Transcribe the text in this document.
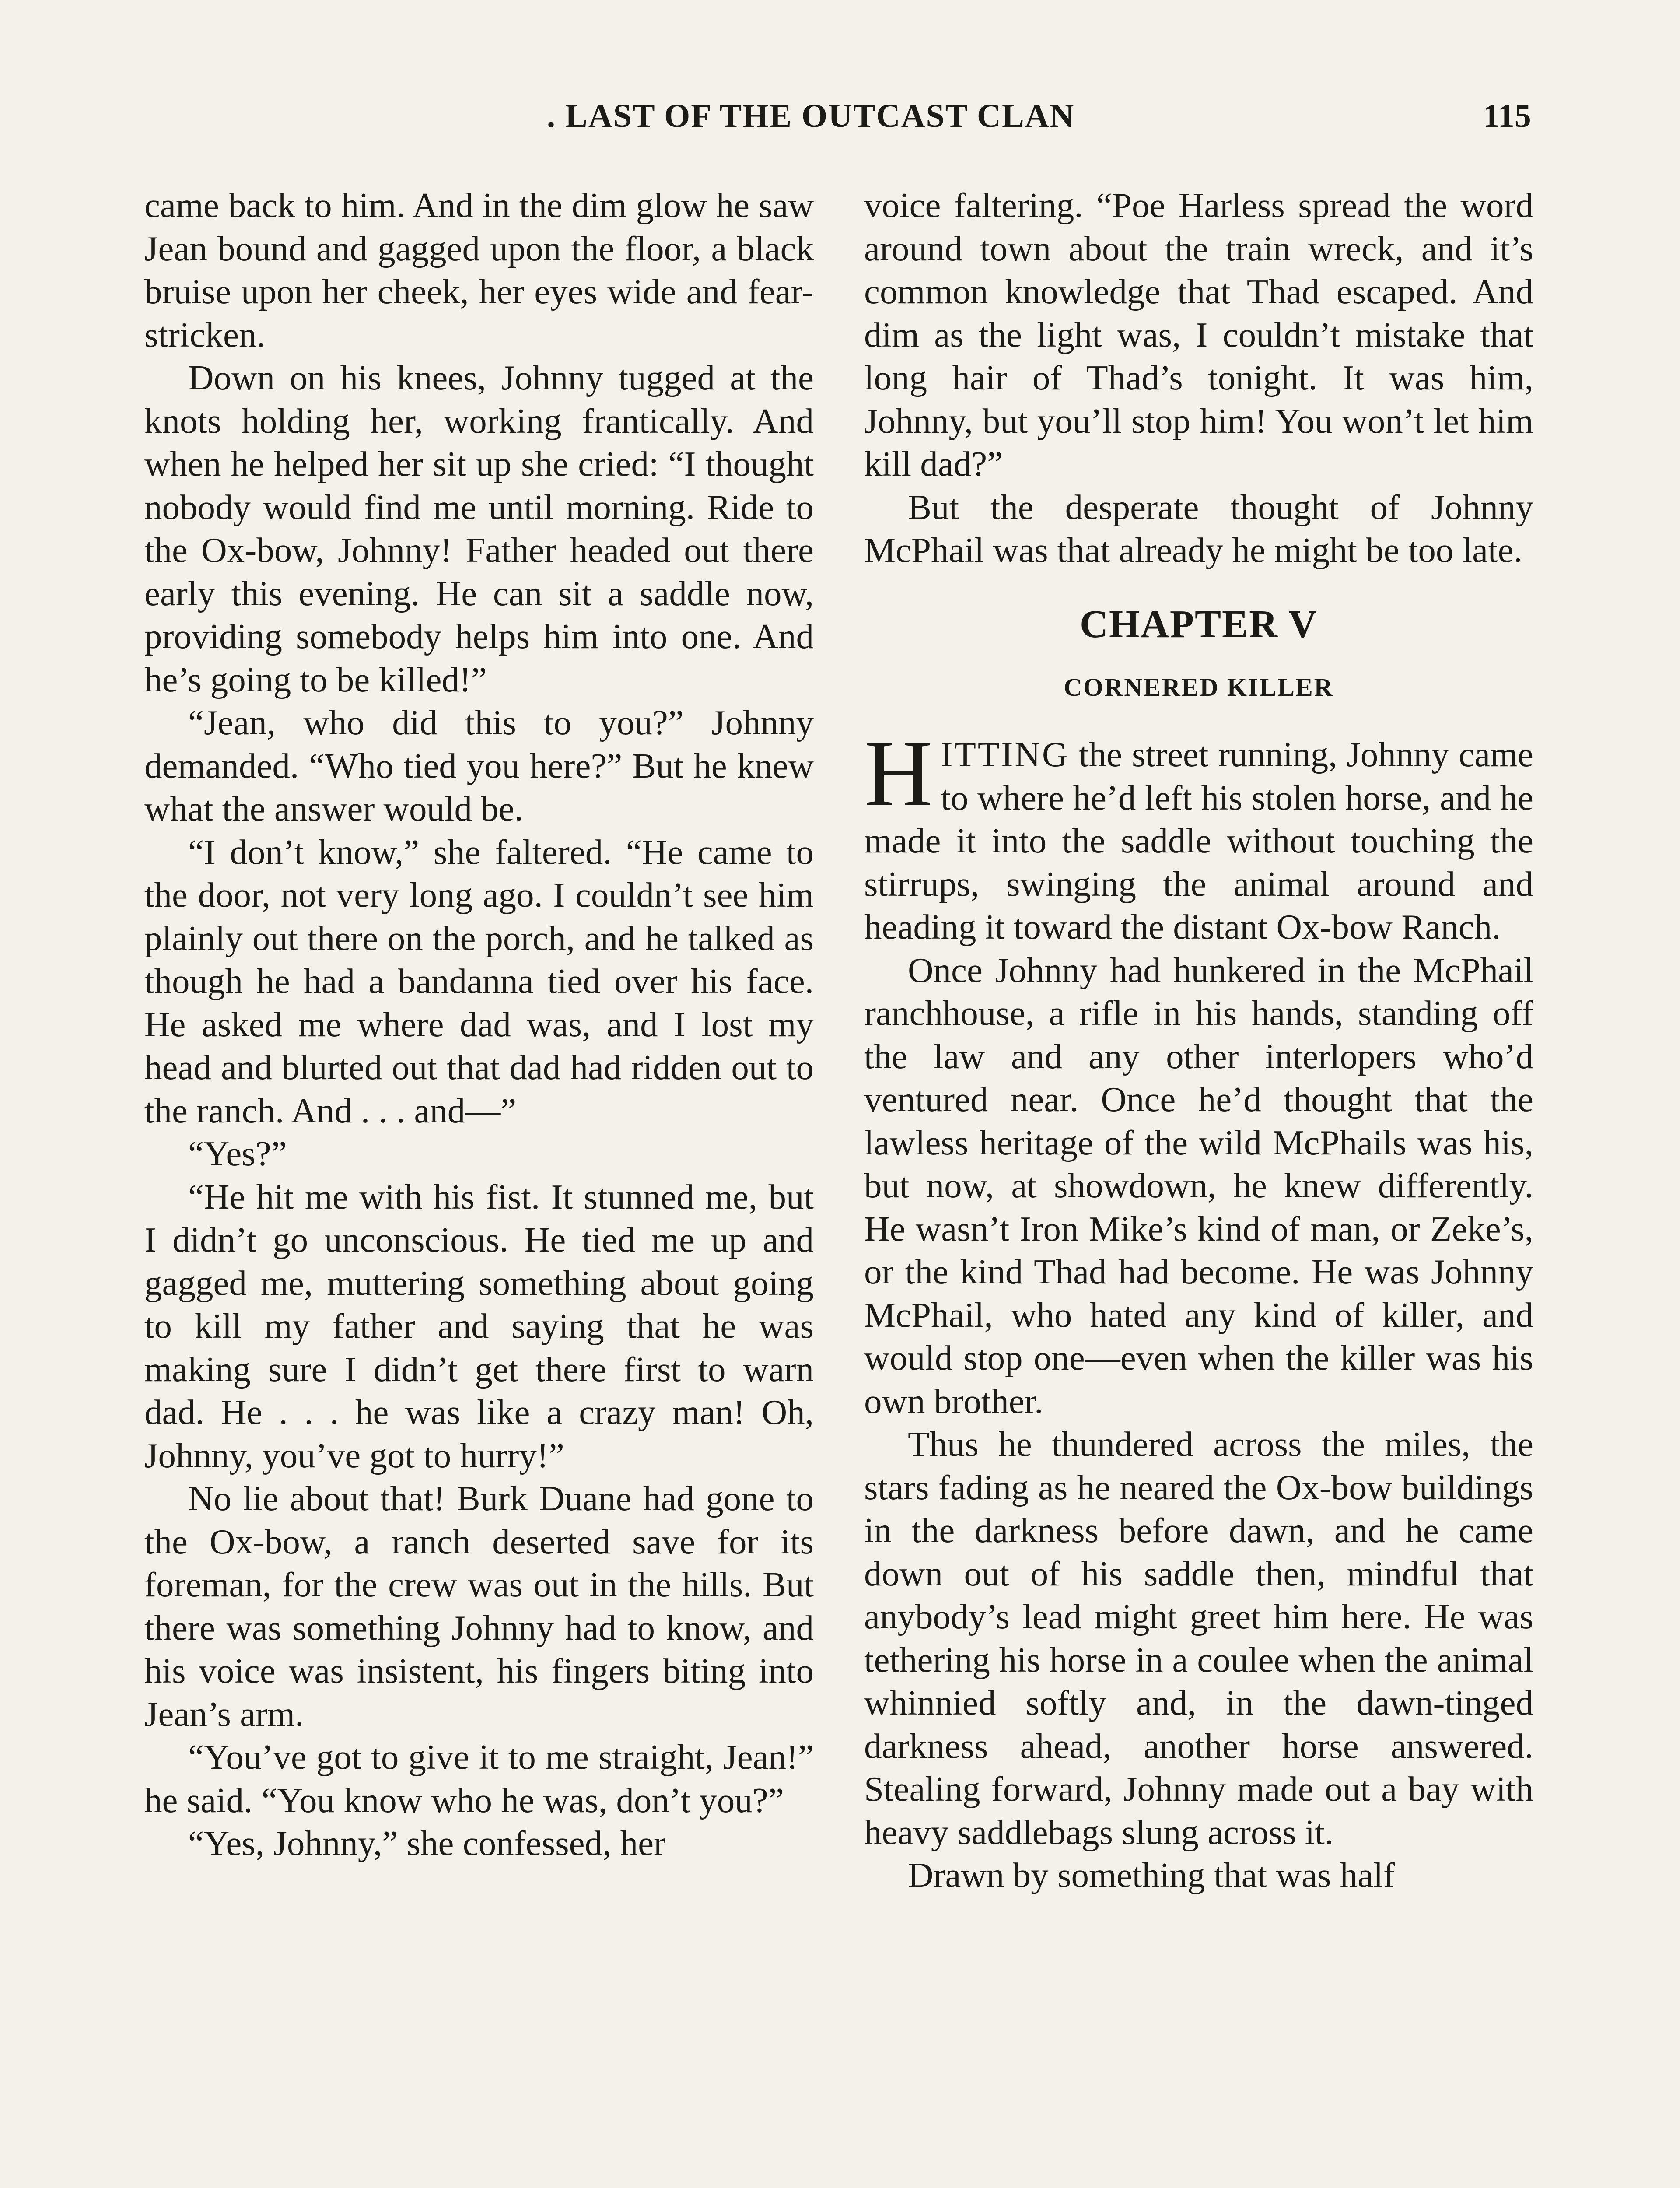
. LAST OF THE OUTCAST CLAN	115

came back to him. And in the dim glow he saw Jean bound and gagged upon the floor, a black bruise upon her cheek, her eyes wide and fear-stricken.

Down on his knees, Johnny tugged at the knots holding her, working frantically. And when he helped her sit up she cried: “I thought nobody would find me until morning. Ride to the Ox-bow, Johnny! Father headed out there early this evening. He can sit a saddle now, providing somebody helps him into one. And he’s going to be killed!”

“Jean, who did this to you?” Johnny demanded. “Who tied you here?” But he knew what the answer would be.

“I don’t know,” she faltered. “He came to the door, not very long ago. I couldn’t see him plainly out there on the porch, and he talked as though he had a bandanna tied over his face. He asked me where dad was, and I lost my head and blurted out that dad had ridden out to the ranch. And . . . and—”

“Yes?”

“He hit me with his fist. It stunned me, but I didn’t go unconscious. He tied me up and gagged me, muttering something about going to kill my father and saying that he was making sure I didn’t get there first to warn dad. He . . . he was like a crazy man! Oh, Johnny, you’ve got to hurry!”

No lie about that! Burk Duane had gone to the Ox-bow, a ranch deserted save for its foreman, for the crew was out in the hills. But there was something Johnny had to know, and his voice was insistent, his fingers biting into Jean’s arm.

“You’ve got to give it to me straight, Jean!” he said. “You know who he was, don’t you?”

“Yes, Johnny,” she confessed, her

voice faltering. “Poe Harless spread the word around town about the train wreck, and it’s common knowledge that Thad escaped. And dim as the light was, I couldn’t mistake that long hair of Thad’s tonight. It was him, Johnny, but you’ll stop him! You won’t let him kill dad?”

But the desperate thought of Johnny McPhail was that already he might be too late.

CHAPTER V
CORNERED KILLER

HITTING the street running, Johnny came to where he’d left his stolen horse, and he made it into the saddle without touching the stirrups, swinging the animal around and heading it toward the distant Ox-bow Ranch.

Once Johnny had hunkered in the McPhail ranchhouse, a rifle in his hands, standing off the law and any other interlopers who’d ventured near. Once he’d thought that the lawless heritage of the wild McPhails was his, but now, at showdown, he knew differently. He wasn’t Iron Mike’s kind of man, or Zeke’s, or the kind Thad had become. He was Johnny McPhail, who hated any kind of killer, and would stop one—even when the killer was his own brother.

Thus he thundered across the miles, the stars fading as he neared the Ox-bow buildings in the darkness before dawn, and he came down out of his saddle then, mindful that anybody’s lead might greet him here. He was tethering his horse in a coulee when the animal whinnied softly and, in the dawn-tinged darkness ahead, another horse answered. Stealing forward, Johnny made out a bay with heavy saddlebags slung across it.

Drawn by something that was half
